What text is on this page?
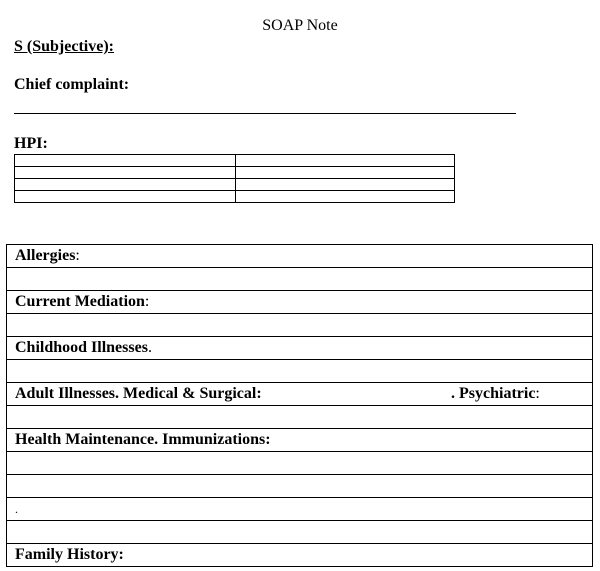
SOAP Note
S (Subjective):
Chief complaint:
HPI:

Allergies:

Current Mediation:

Childhood Illnesses.

Adult Illnesses. Medical & Surgical:	. Psychiatric:

Health Maintenance. Immunizations:

.

Family History:
